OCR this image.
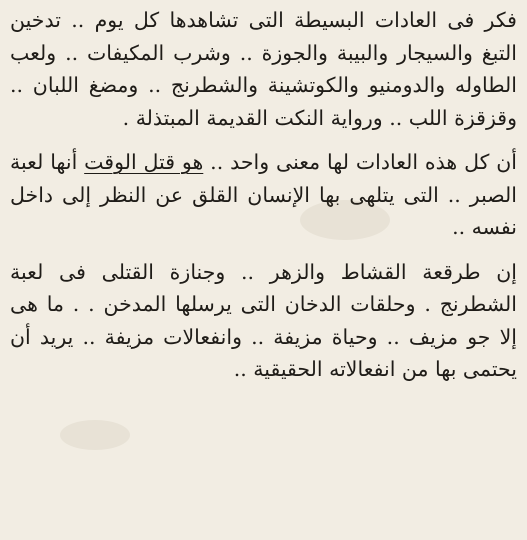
فكر فى العادات البسيطة التى تشاهدها كل يوم .. تدخين التبغ والسيجار والبيبة والجوزة .. وشرب المكيفات .. ولعب الطاوله والدومنيو والكوتشينة والشطرنج .. ومضغ اللبان .. وقزقزة اللب .. ورواية النكت القديمة المبتذلة .

أن كل هذه العادات لها معنى واحد .. هو قتل الوقت أنها لعبة الصبر .. التى يتلهى بها الإنسان القلق عن النظر إلى داخل نفسه ..

إن طرقعة القشاط والزهر .. وجنازة القتلى فى لعبة الشطرنج . وحلقات الدخان التى يرسلها المدخن . . ما هى إلا جو مزيف .. وحياة مزيفة .. وانفعالات مزيفة .. يريد أن يحتمى بها من انفعالاته الحقيقية ..
